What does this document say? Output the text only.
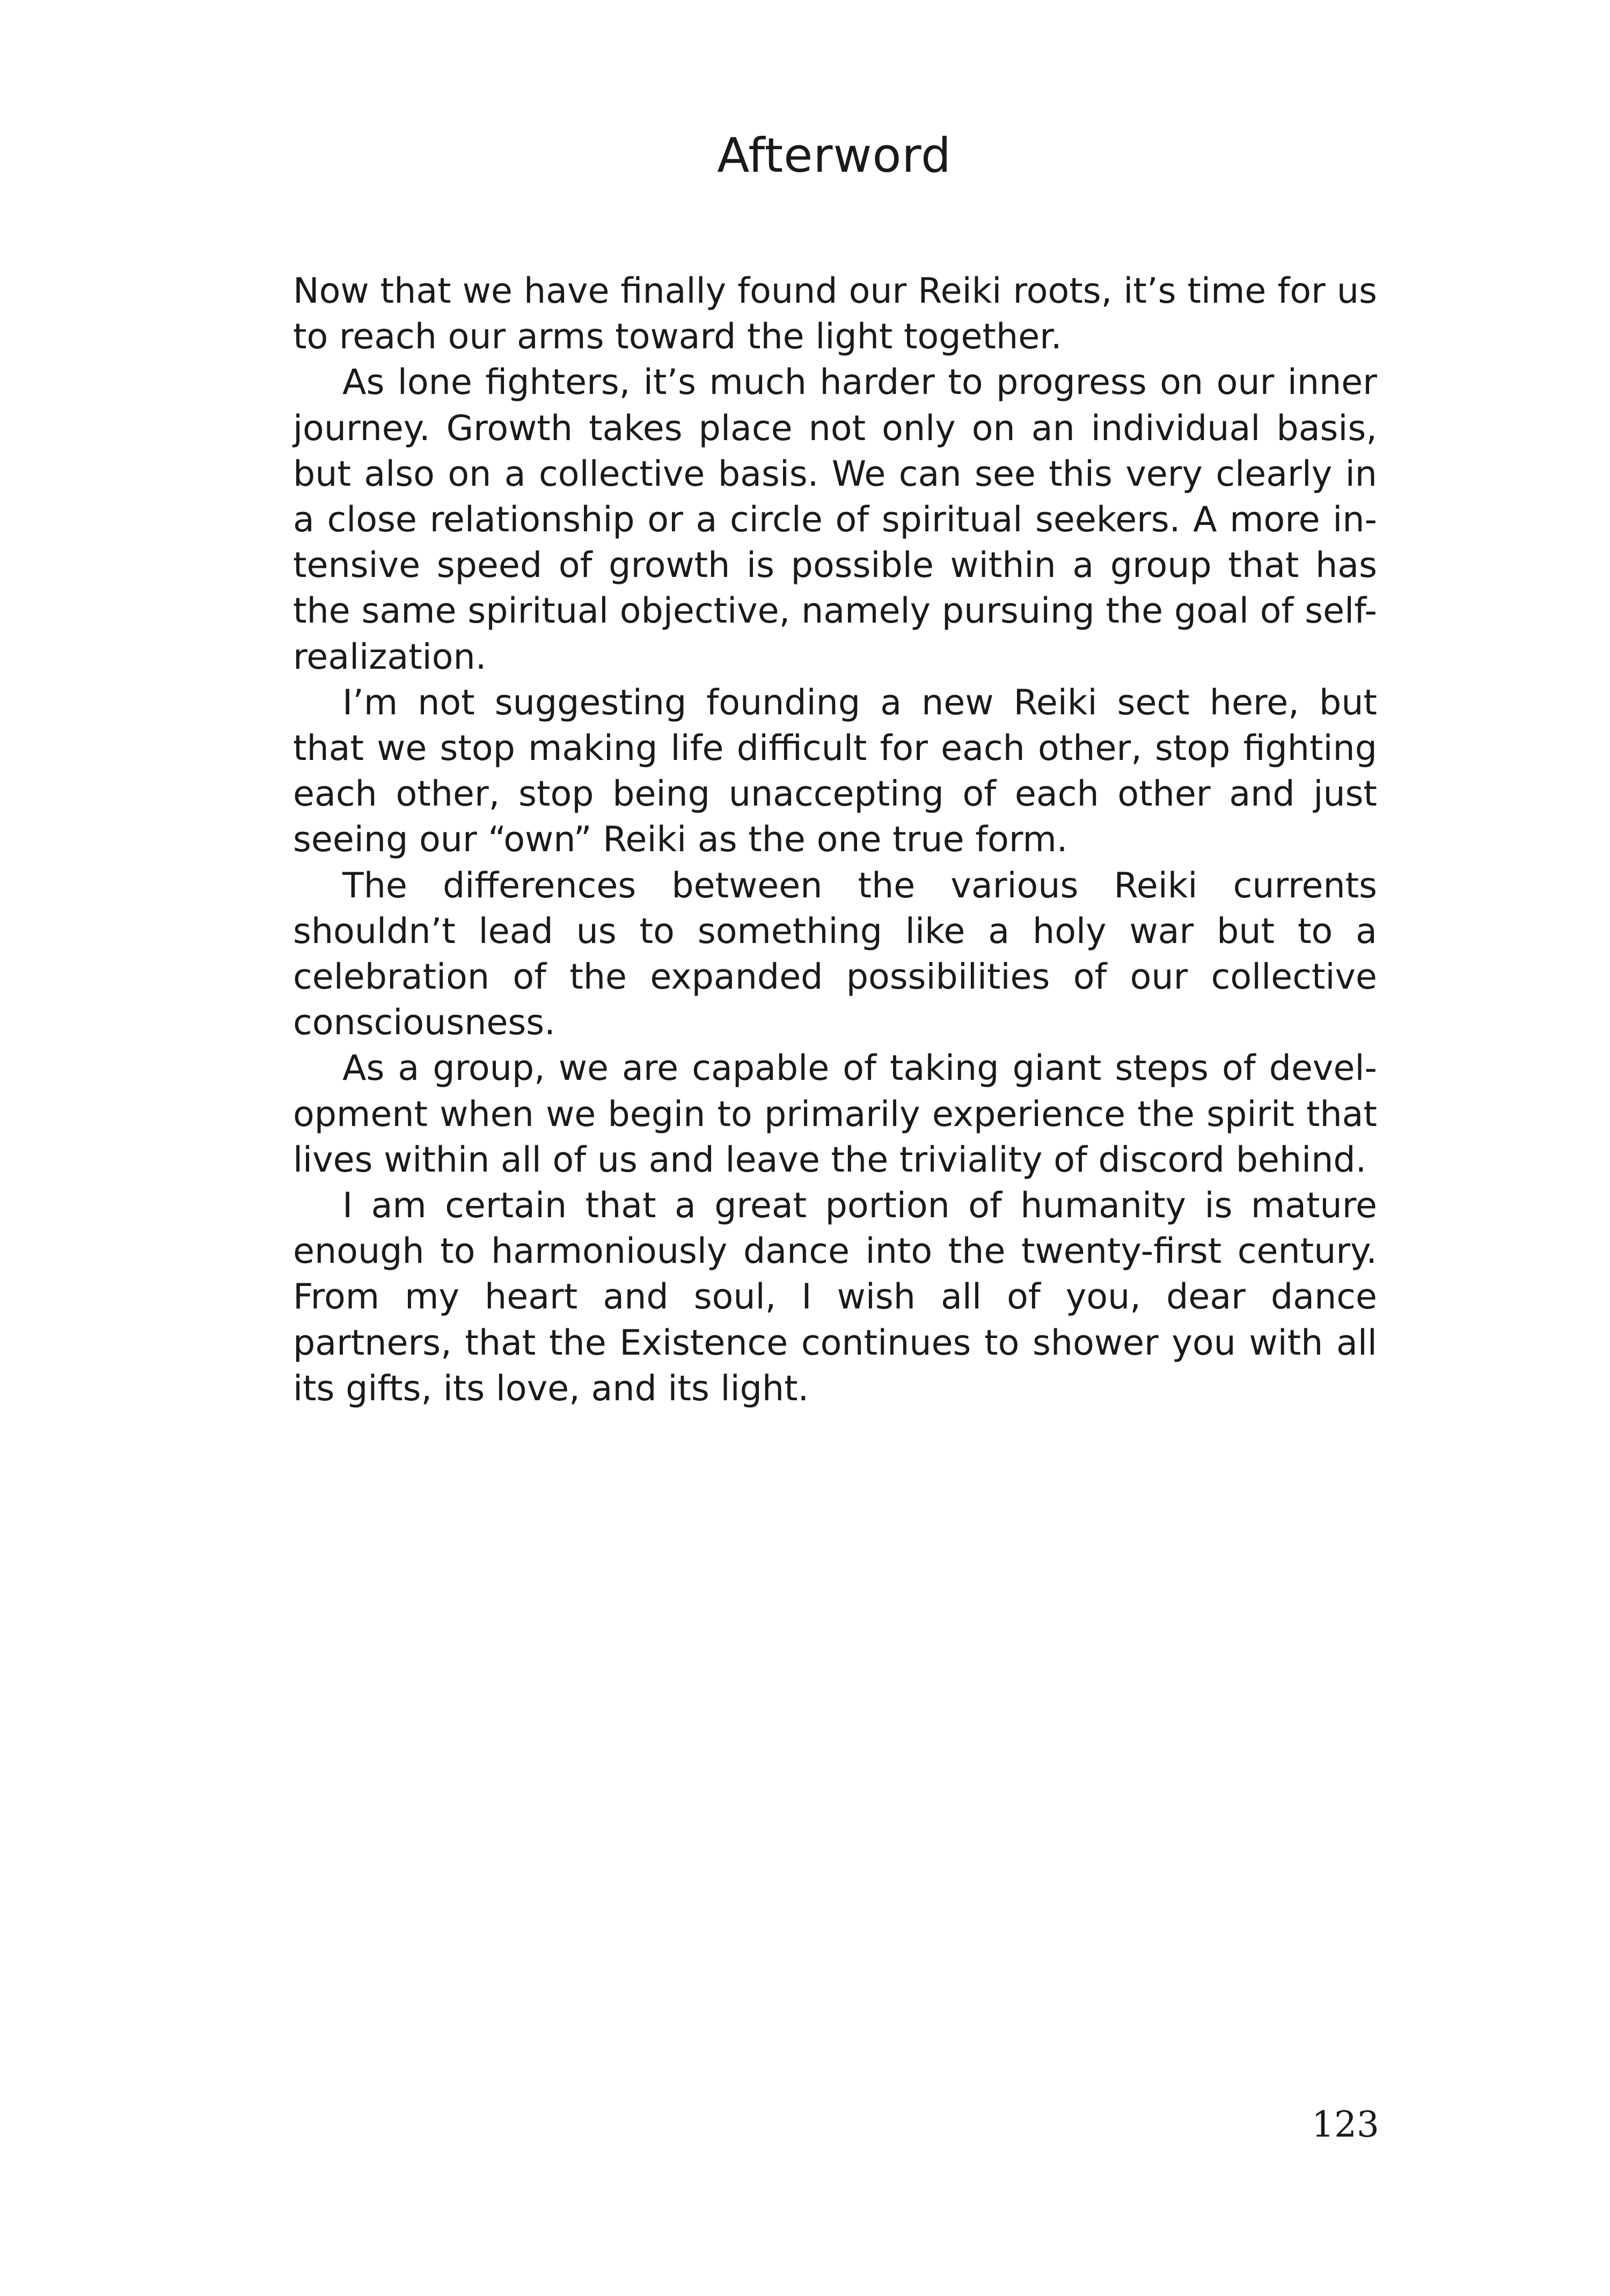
Afterword

Now that we have finally found our Reiki roots, it’s time for us to reach our arms toward the light together.

As lone fighters, it’s much harder to progress on our inner journey. Growth takes place not only on an individual basis, but also on a collective basis. We can see this very clearly in a close relationship or a circle of spiritual seekers. A more intensive speed of growth is possible within a group that has the same spiritual objective, namely pursuing the goal of self-realization.

I’m not suggesting founding a new Reiki sect here, but that we stop making life difficult for each other, stop fighting each other, stop being unaccepting of each other and just seeing our “own” Reiki as the one true form.

The differences between the various Reiki currents shouldn’t lead us to something like a holy war but to a celebration of the expanded possibilities of our collective consciousness.

As a group, we are capable of taking giant steps of development when we begin to primarily experience the spirit that lives within all of us and leave the triviality of discord behind.

I am certain that a great portion of humanity is mature enough to harmoniously dance into the twenty-first century. From my heart and soul, I wish all of you, dear dance partners, that the Existence continues to shower you with all its gifts, its love, and its light.

123
